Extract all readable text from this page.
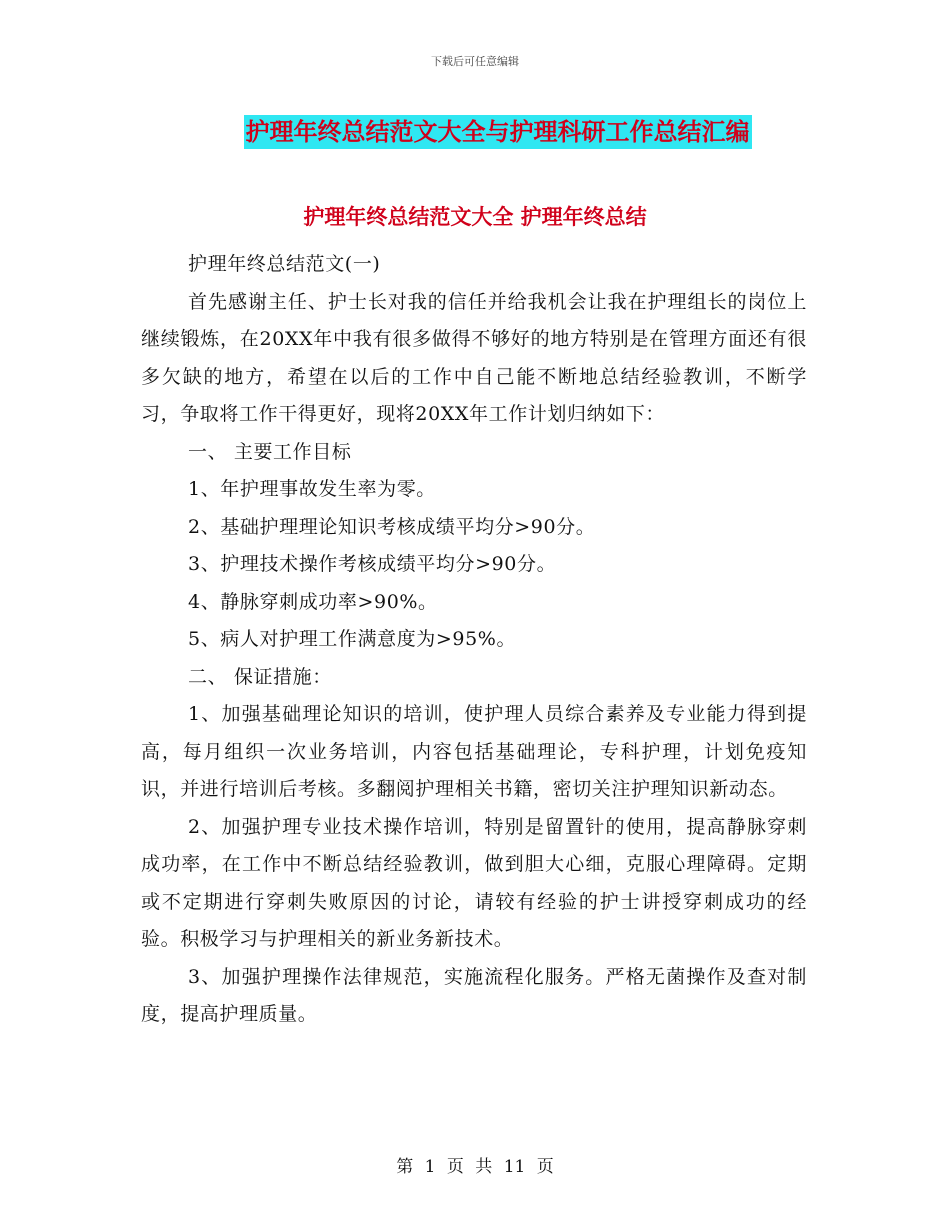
下载后可任意编辑
护理年终总结范文大全与护理科研工作总结汇编
护理年终总结范文大全 护理年终总结

护理年终总结范文(一)

首先感谢主任、护士长对我的信任并给我机会让我在护理组长的岗位上继续锻炼，在20XX年中我有很多做得不够好的地方特别是在管理方面还有很多欠缺的地方，希望在以后的工作中自己能不断地总结经验教训，不断学习，争取将工作干得更好，现将20XX年工作计划归纳如下：

一、 主要工作目标

1、年护理事故发生率为零。

2、基础护理理论知识考核成绩平均分>90分。

3、护理技术操作考核成绩平均分>90分。

4、静脉穿刺成功率>90%。

5、病人对护理工作满意度为>95%。

二、 保证措施：

1、加强基础理论知识的培训，使护理人员综合素养及专业能力得到提高，每月组织一次业务培训，内容包括基础理论，专科护理，计划免疫知识，并进行培训后考核。多翻阅护理相关书籍，密切关注护理知识新动态。

2、加强护理专业技术操作培训，特别是留置针的使用，提高静脉穿刺成功率，在工作中不断总结经验教训，做到胆大心细，克服心理障碍。定期或不定期进行穿刺失败原因的讨论，请较有经验的护士讲授穿刺成功的经验。积极学习与护理相关的新业务新技术。

3、加强护理操作法律规范，实施流程化服务。严格无菌操作及查对制度，提高护理质量。

第 1 页 共 11 页
